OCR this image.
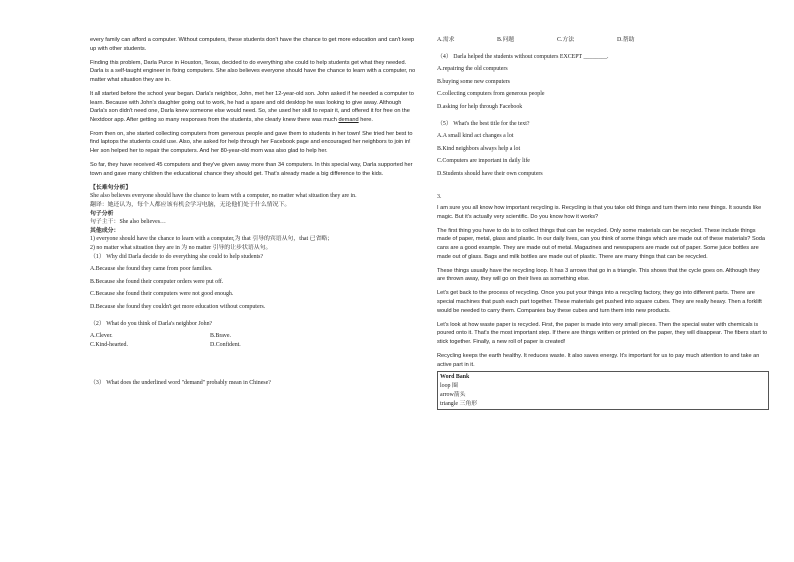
every family can afford a computer. Without computers, these students don't have the chance to get more education and can't keep up with other students.

Finding this problem, Darla Purce in Houston, Texas, decided to do everything she could to help students get what they needed. Darla is a self-taught engineer in fixing computers. She also believes everyone should have the chance to learn with a computer, no matter what situation they are in.

It all started before the school year began. Darla's neighbor, John, met her 12-year-old son. John asked if he needed a computer to learn. Because with John's daughter going out to work, he had a spare and old desktop he was looking to give away. Although Darla's son didn't need one, Darla knew someone else would need. So, she used her skill to repair it, and offered it for free on the Nextdoor app. After getting so many responses from the students, she clearly knew there was much demand here.

From then on, she started collecting computers from generous people and gave them to students in her town! She tried her best to find laptops the students could use. Also, she asked for help through her Facebook page and encouraged her neighbors to join in! Her son helped her to repair the computers. And her 80-year-old mom was also glad to help her.

So far, they have received 45 computers and they've given away more than 34 computers. In this special way, Darla supported her town and gave many children the educational chance they should get. That's already made a big difference to the kids.

【长难句分析】
She also believes everyone should have the chance to learn with a computer, no matter what situation they are in.
翻译：她还认为，每个人都应该有机会学习电脑，无论他们处于什么情况下。
句子分析
句子主干：She also believes…
其他成分：
1) everyone should have the chance to learn with a computer,为 that 引导的宾语从句，that 已省略；
2) no matter what situation they are in 为 no matter 引导的让步状语从句。
（1） Why did Darla decide to do everything she could to help students?
A.Because she found they came from poor families.
B.Because she found their computer orders were put off.
C.Because she found their computers were not good enough.
D.Because she found they couldn't get more education without computers.
（2） What do you think of Darla's neighbor John?
A.Clever.	B.Brave.
C.Kind-hearted.	D.Confident.
（3） What does the underlined word "demand" probably mean in Chinese?
A.需求	B.问题	C.方法	D.帮助
（4） Darla helped the students without computers EXCEPT ________.
A.repairing the old computers
B.buying some new computers
C.collecting computers from generous people
D.asking for help through Facebook
（5） What's the best title for the text?
A.A small kind act changes a lot
B.Kind neighbors always help a lot
C.Computers are important in daily life
D.Students should have their own computers
3.

I am sure you all know how important recycling is. Recycling is that you take old things and turn them into new things. It sounds like magic. But it's actually very scientific. Do you know how it works?

The first thing you have to do is to collect things that can be recycled. Only some materials can be recycled. These include things made of paper, metal, glass and plastic. In our daily lives, can you think of some things which are made out of these materials? Soda cans are a good example. They are made out of metal. Magazines and newspapers are made out of paper. Some juice bottles are made out of glass. Bags and milk bottles are made out of plastic. There are many things that can be recycled.

These things usually have the recycling loop. It has 3 arrows that go in a triangle. This shows that the cycle goes on. Although they are thrown away, they will go on their lives as something else.

Let's get back to the process of recycling. Once you put your things into a recycling factory, they go into different parts. There are special machines that push each part together. These materials get pushed into square cubes. They are really heavy. Then a forklift would be needed to carry them. Companies buy these cubes and turn them into new products.

Let's look at how waste paper is recycled. First, the paper is made into very small pieces. Then the special water with chemicals is poured onto it. That's the most important step. If there are things written or printed on the paper, they will disappear. The fibers start to stick together. Finally, a new roll of paper is created!

Recycling keeps the earth healthy. It reduces waste. It also saves energy. It's important for us to pay much attention to and take an active part in it.

Word Bank
loop 圈
arrow箭头
triangle 三角形
